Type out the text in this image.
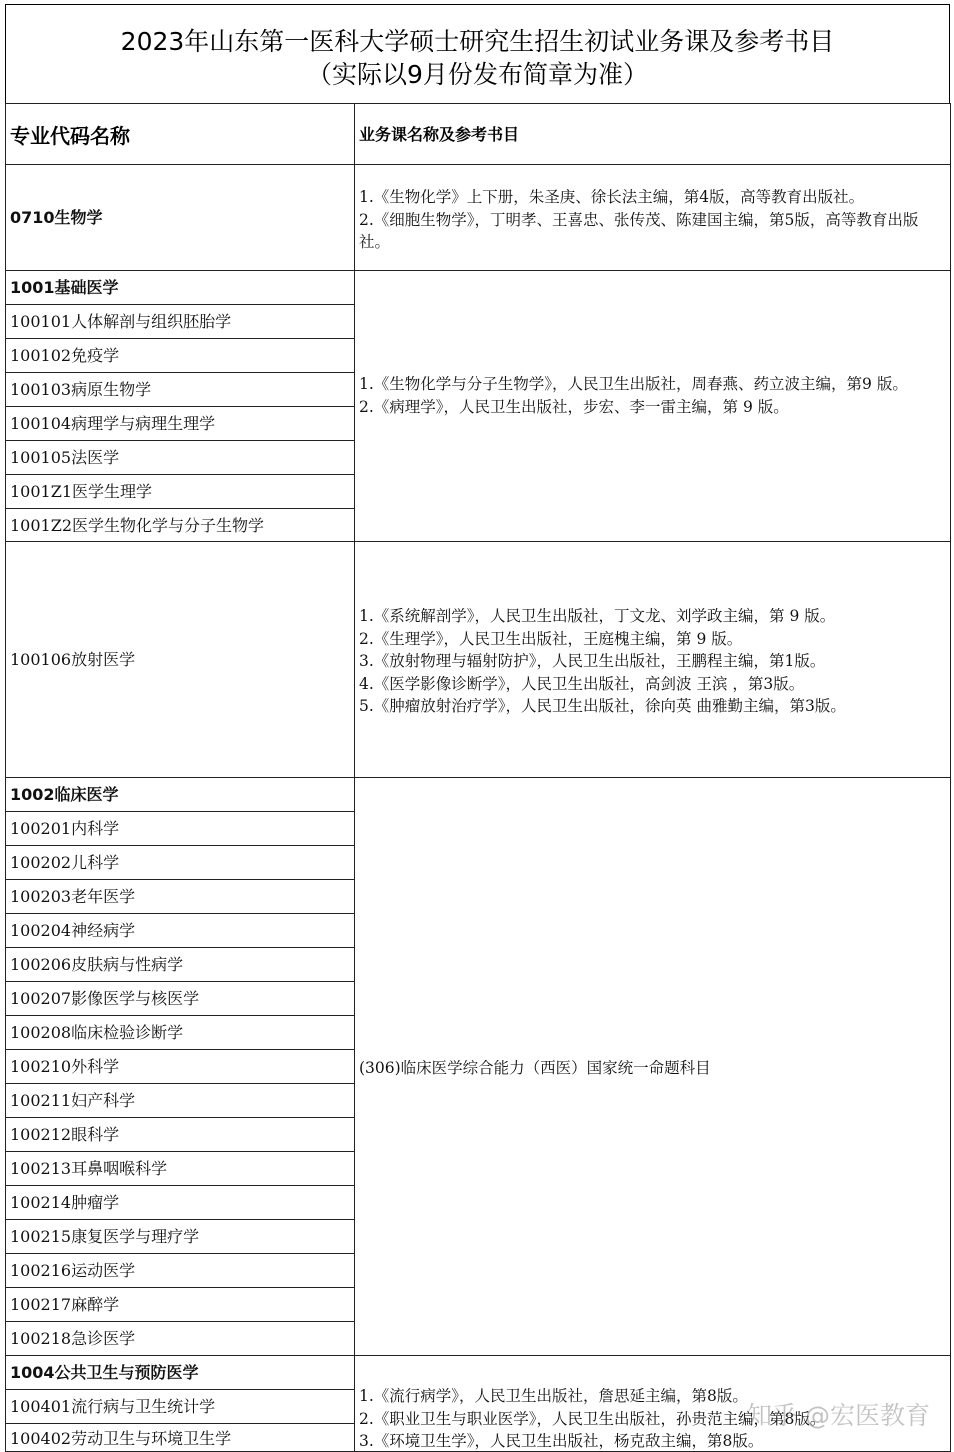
2023年山东第一医科大学硕士研究生招生初试业务课及参考书目
（实际以9月份发布简章为准）
专业代码名称	业务课名称及参考书目
0710生物学
1.《生物化学》上下册，朱圣庚、徐长法主编，第4版，高等教育出版社。
2.《细胞生物学》，丁明孝、王喜忠、张传茂、陈建国主编，第5版，高等教育出版社。
1001基础医学
100101人体解剖与组织胚胎学
100102免疫学
100103病原生物学
100104病理学与病理生理学
100105法医学
1001Z1医学生理学
1001Z2医学生物化学与分子生物学
1.《生物化学与分子生物学》，人民卫生出版社，周春燕、药立波主编，第9 版。
2.《病理学》，人民卫生出版社，步宏、李一雷主编，第 9 版。
100106放射医学
1.《系统解剖学》，人民卫生出版社，丁文龙、刘学政主编，第 9 版。
2.《生理学》，人民卫生出版社，王庭槐主编，第 9 版。
3.《放射物理与辐射防护》，人民卫生出版社，王鹏程主编，第1版。
4.《医学影像诊断学》，人民卫生出版社，高剑波 王滨 ，第3版。
5.《肿瘤放射治疗学》，人民卫生出版社，徐向英 曲雅勤主编，第3版。
1002临床医学
100201内科学
100202儿科学
100203老年医学
100204神经病学
100206皮肤病与性病学
100207影像医学与核医学
100208临床检验诊断学
100210外科学
100211妇产科学
100212眼科学
100213耳鼻咽喉科学
100214肿瘤学
100215康复医学与理疗学
100216运动医学
100217麻醉学
100218急诊医学
(306)临床医学综合能力（西医）国家统一命题科目
1004公共卫生与预防医学
100401流行病与卫生统计学
100402劳动卫生与环境卫生学
1.《流行病学》，人民卫生出版社，詹思延主编，第8版。
2.《职业卫生与职业医学》，人民卫生出版社，孙贵范主编，第8版。
3.《环境卫生学》，人民卫生出版社，杨克敌主编，第8版。
知乎 @宏医教育
